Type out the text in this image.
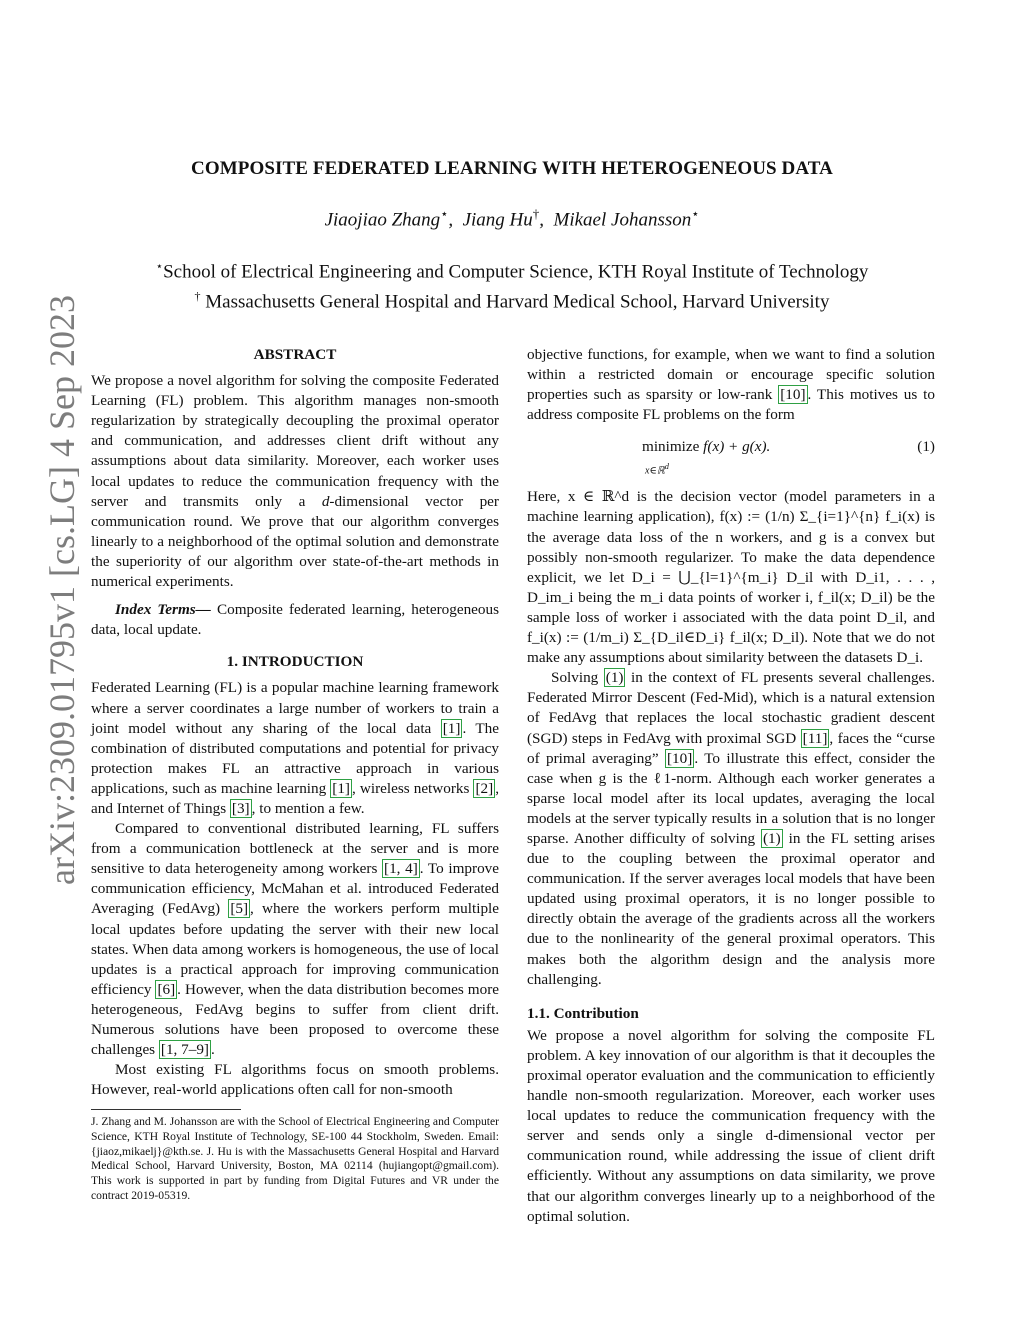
arXiv:2309.01795v1 [cs.LG] 4 Sep 2023
COMPOSITE FEDERATED LEARNING WITH HETEROGENEOUS DATA
Jiaojiao Zhang⋆,  Jiang Hu†,  Mikael Johansson⋆
⋆School of Electrical Engineering and Computer Science, KTH Royal Institute of Technology
† Massachusetts General Hospital and Harvard Medical School, Harvard University
ABSTRACT

We propose a novel algorithm for solving the composite Federated Learning (FL) problem. This algorithm manages non-smooth regularization by strategically decoupling the proximal operator and communication, and addresses client drift without any assumptions about data similarity. Moreover, each worker uses local updates to reduce the communication frequency with the server and transmits only a d-dimensional vector per communication round. We prove that our algorithm converges linearly to a neighborhood of the optimal solution and demonstrate the superiority of our algorithm over state-of-the-art methods in numerical experiments.

Index Terms— Composite federated learning, heterogeneous data, local update.

1. INTRODUCTION

Federated Learning (FL) is a popular machine learning framework where a server coordinates a large number of workers to train a joint model without any sharing of the local data [1] . The combination of distributed computations and potential for privacy protection makes FL an attractive approach in various applications, such as machine learning [1] , wireless networks [2] , and Internet of Things [3] , to mention a few.

Compared to conventional distributed learning, FL suffers from a communication bottleneck at the server and is more sensitive to data heterogeneity among workers [1, 4] . To improve communication efficiency, McMahan et al. introduced Federated Averaging (FedAvg) [5] , where the workers perform multiple local updates before updating the server with their new local states. When data among workers is homogeneous, the use of local updates is a practical approach for improving communication efficiency [6] . However, when the data distribution becomes more heterogeneous, FedAvg begins to suffer from client drift. Numerous solutions have been proposed to overcome these challenges [1, 7–9] .

Most existing FL algorithms focus on smooth problems. However, real-world applications often call for non-smooth

J. Zhang and M. Johansson are with the School of Electrical Engineering and Computer Science, KTH Royal Institute of Technology, SE-100 44 Stockholm, Sweden. Email: {jiaoz,mikaelj}@kth.se. J. Hu is with the Massachusetts General Hospital and Harvard Medical School, Harvard University, Boston, MA 02114 (hujiangopt@gmail.com). This work is supported in part by funding from Digital Futures and VR under the contract 2019-05319.

objective functions, for example, when we want to find a solution within a restricted domain or encourage specific solution properties such as sparsity or low-rank [10] . This motives us to address composite FL problems on the form

minimize f(x) + g(x).
x∈ℝ$^d$
(1)

Here, x ∈ ℝ^d is the decision vector (model parameters in a machine learning application), f(x) := (1/n) Σ_{i=1}^{n} f_i(x) is the average data loss of the n workers, and g is a convex but possibly non-smooth regularizer. To make the data dependence explicit, we let D_i = ⋃_{l=1}^{m_i} D_il with D_i1, . . . , D_im_i being the m_i data points of worker i, f_il(x; D_il) be the sample loss of worker i associated with the data point D_il, and f_i(x) := (1/m_i) Σ_{D_il∈D_i} f_il(x; D_il). Note that we do not make any assumptions about similarity between the datasets D_i.

Solving (1) in the context of FL presents several challenges. Federated Mirror Descent (Fed-Mid), which is a natural extension of FedAvg that replaces the local stochastic gradient descent (SGD) steps in FedAvg with proximal SGD [11] , faces the “curse of primal averaging” [10] . To illustrate this effect, consider the case when g is the ℓ1-norm. Although each worker generates a sparse local model after its local updates, averaging the local models at the server typically results in a solution that is no longer sparse. Another difficulty of solving (1) in the FL setting arises due to the coupling between the proximal operator and communication. If the server averages local models that have been updated using proximal operators, it is no longer possible to directly obtain the average of the gradients across all the workers due to the nonlinearity of the general proximal operators. This makes both the algorithm design and the analysis more challenging.

1.1. Contribution

We propose a novel algorithm for solving the composite FL problem. A key innovation of our algorithm is that it decouples the proximal operator evaluation and the communication to efficiently handle non-smooth regularization. Moreover, each worker uses local updates to reduce the communication frequency with the server and sends only a single d-dimensional vector per communication round, while addressing the issue of client drift efficiently. Without any assumptions on data similarity, we prove that our algorithm converges linearly up to a neighborhood of the optimal solution.
